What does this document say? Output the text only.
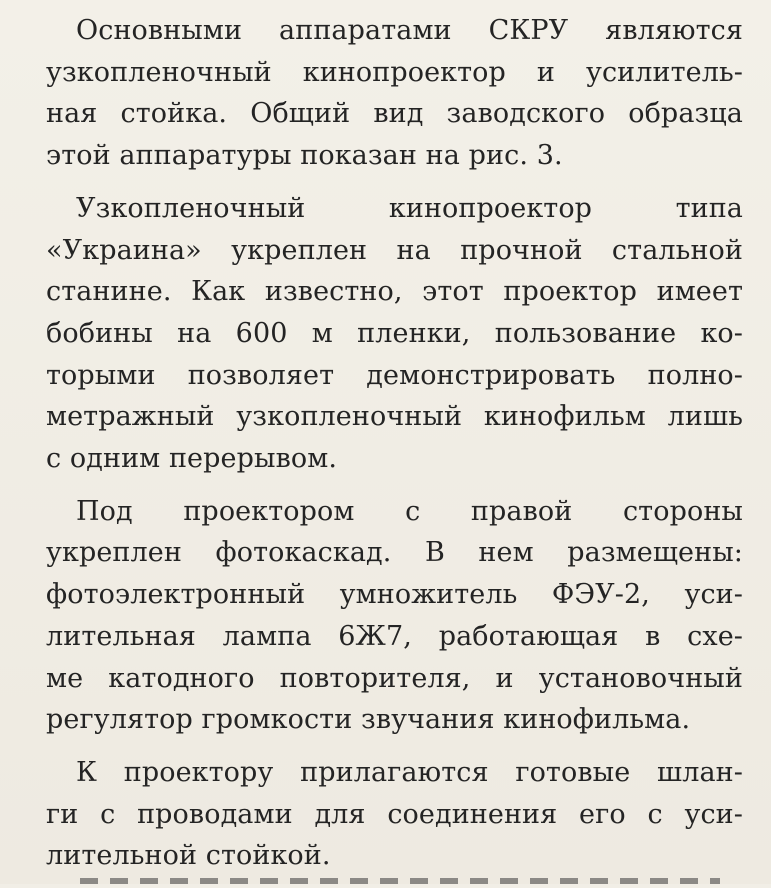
Основными аппаратами СКРУ являются
узкопленочный кинопроектор и усилитель-
ная стойка. Общий вид заводского образца
этой аппаратуры показан на рис. 3.

Узкопленочный кинопроектор типа
«Украина» укреплен на прочной стальной
станине. Как известно, этот проектор имеет
бобины на 600 м пленки, пользование ко-
торыми позволяет демонстрировать полно-
метражный узкопленочный кинофильм лишь
с одним перерывом.

Под проектором с правой стороны
укреплен фотокаскад. В нем размещены:
фотоэлектронный умножитель ФЭУ-2, уси-
лительная лампа 6Ж7, работающая в схе-
ме катодного повторителя, и установочный
регулятор громкости звучания кинофильма.

К проектору прилагаются готовые шлан-
ги с проводами для соединения его с уси-
лительной стойкой.
